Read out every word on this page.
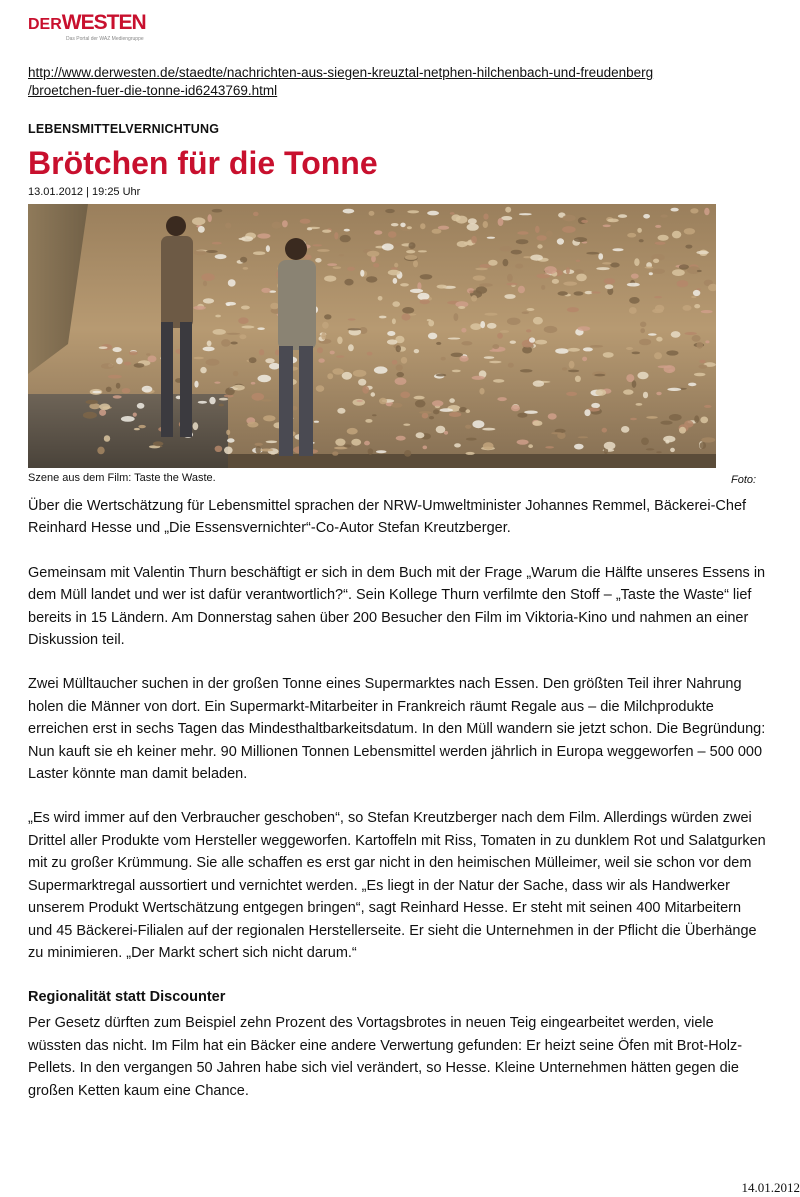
DERWESTEN
Das Portal der WAZ Mediengruppe
http://www.derwesten.de/staedte/nachrichten-aus-siegen-kreuztal-netphen-hilchenbach-und-freudenberg
/broetchen-fuer-die-tonne-id6243769.html
LEBENSMITTELVERNICHTUNG
Brötchen für die Tonne
13.01.2012 | 19:25 Uhr
Szene aus dem Film: Taste the Waste.	Foto:

Über die Wertschätzung für Lebensmittel sprachen der NRW-Umweltminister Johannes Remmel, Bäckerei-Chef Reinhard Hesse und „Die Essensvernichter“-Co-Autor Stefan Kreutzberger.

Gemeinsam mit Valentin Thurn beschäftigt er sich in dem Buch mit der Frage „Warum die Hälfte unseres Essens in dem Müll landet und wer ist dafür verantwortlich?“. Sein Kollege Thurn verfilmte den Stoff – „Taste the Waste“ lief bereits in 15 Ländern. Am Donnerstag sahen über 200 Besucher den Film im Viktoria-Kino und nahmen an einer Diskussion teil.

Zwei Mülltaucher suchen in der großen Tonne eines Supermarktes nach Essen. Den größten Teil ihrer Nahrung holen die Männer von dort. Ein Supermarkt-Mitarbeiter in Frankreich räumt Regale aus – die Milchprodukte erreichen erst in sechs Tagen das Mindesthaltbarkeitsdatum. In den Müll wandern sie jetzt schon. Die Begründung: Nun kauft sie eh keiner mehr. 90 Millionen Tonnen Lebensmittel werden jährlich in Europa weggeworfen – 500 000 Laster könnte man damit beladen.

„Es wird immer auf den Verbraucher geschoben“, so Stefan Kreutzberger nach dem Film. Allerdings würden zwei Drittel aller Produkte vom Hersteller weggeworfen. Kartoffeln mit Riss, Tomaten in zu dunklem Rot und Salatgurken mit zu großer Krümmung. Sie alle schaffen es erst gar nicht in den heimischen Mülleimer, weil sie schon vor dem Supermarktregal aussortiert und vernichtet werden. „Es liegt in der Natur der Sache, dass wir als Handwerker unserem Produkt Wertschätzung entgegen bringen“, sagt Reinhard Hesse. Er steht mit seinen 400 Mitarbeitern und 45 Bäckerei-Filialen auf der regionalen Herstellerseite. Er sieht die Unternehmen in der Pflicht die Überhänge zu minimieren. „Der Markt schert sich nicht darum.“

Regionalität statt Discounter

Per Gesetz dürften zum Beispiel zehn Prozent des Vortagsbrotes in neuen Teig eingearbeitet werden, viele wüssten das nicht. Im Film hat ein Bäcker eine andere Verwertung gefunden: Er heizt seine Öfen mit Brot-Holz-Pellets. In den vergangen 50 Jahren habe sich viel verändert, so Hesse. Kleine Unternehmen hätten gegen die großen Ketten kaum eine Chance.

14.01.2012
